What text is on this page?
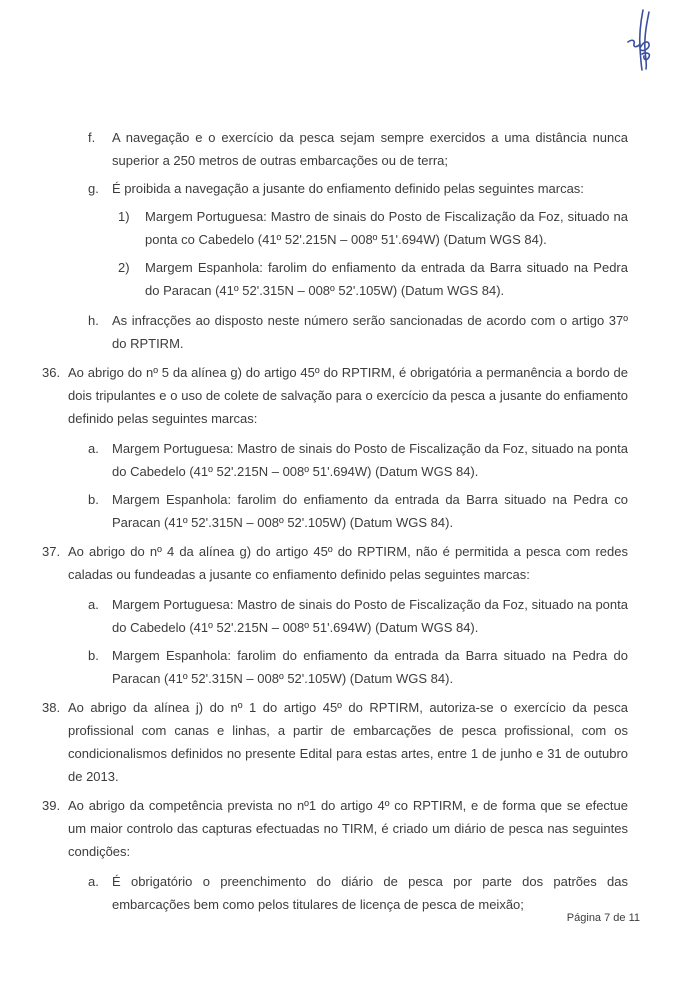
f.	A navegação e o exercício da pesca sejam sempre exercidos a uma distância nunca superior a 250 metros de outras embarcações ou de terra;
g.	É proibida a navegação a jusante do enfiamento definido pelas seguintes marcas:
1)	Margem Portuguesa: Mastro de sinais do Posto de Fiscalização da Foz, situado na ponta co Cabedelo (41º 52'.215N – 008º 51'.694W) (Datum WGS 84).
2)	Margem Espanhola: farolim do enfiamento da entrada da Barra situado na Pedra do Paracan (41º 52'.315N – 008º 52'.105W) (Datum WGS 84).
h.	As infracções ao disposto neste número serão sancionadas de acordo com o artigo 37º do RPTIRM.
36. Ao abrigo do nº 5 da alínea g) do artigo 45º do RPTIRM, é obrigatória a permanência a bordo de dois tripulantes e o uso de colete de salvação para o exercício da pesca a jusante do enfiamento definido pelas seguintes marcas:
a.	Margem Portuguesa: Mastro de sinais do Posto de Fiscalização da Foz, situado na ponta do Cabedelo (41º 52'.215N – 008º 51'.694W) (Datum WGS 84).
b.	Margem Espanhola: farolim do enfiamento da entrada da Barra situado na Pedra co Paracan (41º 52'.315N – 008º 52'.105W) (Datum WGS 84).
37. Ao abrigo do nº 4 da alínea g) do artigo 45º do RPTIRM, não é permitida a pesca com redes caladas ou fundeadas a jusante co enfiamento definido pelas seguintes marcas:
a.	Margem Portuguesa: Mastro de sinais do Posto de Fiscalização da Foz, situado na ponta do Cabedelo (41º 52'.215N – 008º 51'.694W) (Datum WGS 84).
b.	Margem Espanhola: farolim do enfiamento da entrada da Barra situado na Pedra do Paracan (41º 52'.315N – 008º 52'.105W) (Datum WGS 84).
38. Ao abrigo da alínea j) do nº 1 do artigo 45º do RPTIRM, autoriza-se o exercício da pesca profissional com canas e linhas, a partir de embarcações de pesca profissional, com os condicionalismos definidos no presente Edital para estas artes, entre 1 de junho e 31 de outubro de 2013.
39. Ao abrigo da competência prevista no nº1 do artigo 4º co RPTIRM, e de forma que se efectue um maior controlo das capturas efectuadas no TIRM, é criado um diário de pesca nas seguintes condições:
a.	É obrigatório o preenchimento do diário de pesca por parte dos patrões das embarcações bem como pelos titulares de licença de pesca de meixão;
Página 7 de 11
